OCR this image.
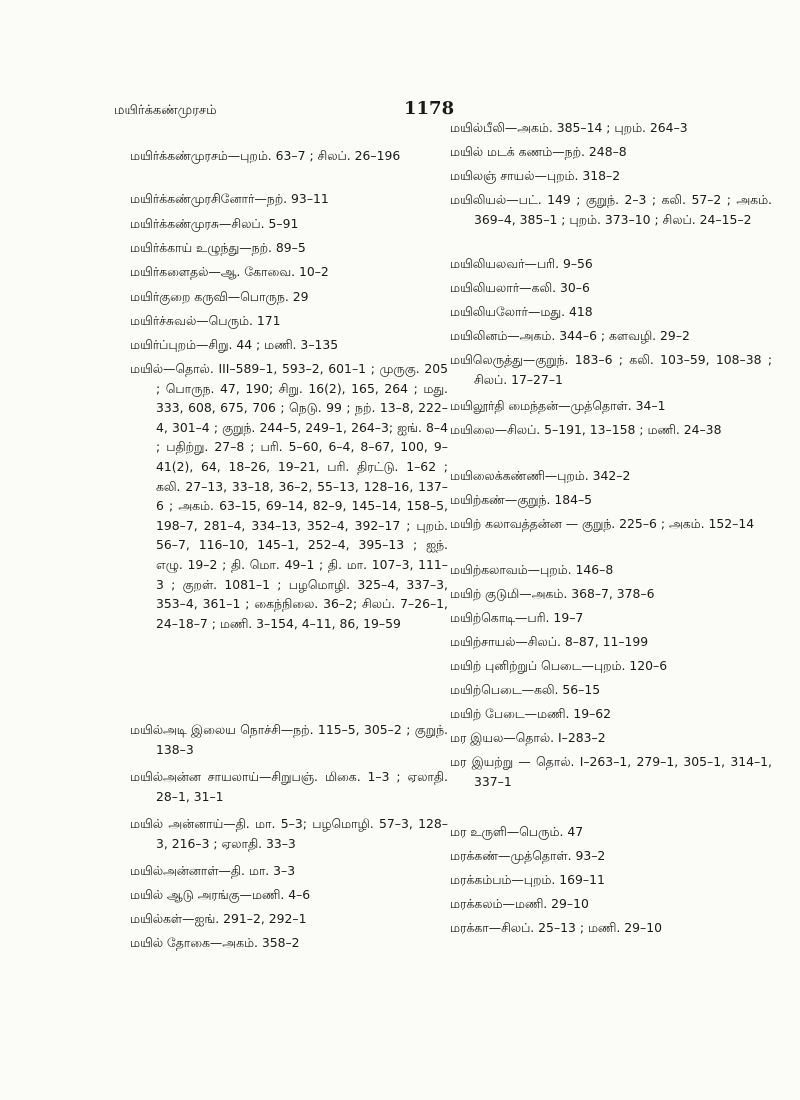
மயிர்க்கண்முரசம்	1178
மயிர்க்கண்முரசம்—புறம். 63–7 ; சிலப். 26–196
மயிர்க்கண்முரசினோர்—நற். 93–11
மயிர்க்கண்முரசு—சிலப். 5–91
மயிர்க்காய் உழுந்து—நற். 89–5
மயிர்களைதல்—ஆ. கோவை. 10–2
மயிர்குறை கருவி—பொருந. 29
மயிர்ச்சுவல்—பெரும். 171
மயிர்ப்புறம்—சிறு. 44 ; மணி. 3–135
மயில்—தொல். III–589–1, 593–2, 601–1 ; முருகு. 205 ; பொருந. 47, 190; சிறு. 16(2), 165, 264 ; மது. 333, 608, 675, 706 ; நெடு. 99 ; நற். 13–8, 222–4, 301–4 ; குறுந். 244–5, 249–1, 264–3; ஐங். 8–4 ; பதிற்று. 27–8 ; பரி. 5–60, 6–4, 8–67, 100, 9–41(2), 64, 18–26, 19–21, பரி. திரட்டு. 1–62 ; கலி. 27–13, 33–18, 36–2, 55–13, 128–16, 137–6 ; அகம். 63–15, 69–14, 82–9, 145–14, 158–5, 198–7, 281–4, 334–13, 352–4, 392–17 ; புறம். 56–7, 116–10, 145–1, 252–4, 395–13 ; ஐந். எழு. 19–2 ; தி. மொ. 49–1 ; தி. மா. 107–3, 111–3 ; குறள். 1081–1 ; பழமொழி. 325–4, 337–3, 353–4, 361–1 ; கைந்நிலை. 36–2; சிலப். 7–26–1, 24–18–7 ; மணி. 3–154, 4–11, 86, 19–59
மயில்அடி இலைய நொச்சி—நற். 115–5, 305–2 ; குறுந். 138–3
மயில்அன்ன சாயலாய்—சிறுபஞ். மிகை. 1–3 ; ஏலாதி. 28–1, 31–1
மயில் அன்னாய்—தி. மா. 5–3; பழமொழி. 57–3, 128–3, 216–3 ; ஏலாதி. 33–3
மயில்அன்னாள்—தி. மா. 3–3
மயில் ஆடு அரங்கு—மணி. 4–6
மயில்கள்—ஐங். 291–2, 292–1
மயில் தோகை—அகம். 358–2
மயில்பீலி—அகம். 385–14 ; புறம். 264–3
மயில் மடக் கணம்—நற். 248–8
மயிலஞ் சாயல்—புறம். 318–2
மயிலியல்—பட். 149 ; குறுந். 2–3 ; கலி. 57–2 ; அகம். 369–4, 385–1 ; புறம். 373–10 ; சிலப். 24–15–2
மயிலியலவர்—பரி. 9–56
மயிலியலார்—கலி. 30–6
மயிலியலோர்—மது. 418
மயிலினம்—அகம். 344–6 ; களவழி. 29–2
மயிலெருத்து—குறுந். 183–6 ; கலி. 103–59, 108–38 ; சிலப். 17–27–1
மயிலூர்தி மைந்தன்—முத்தொள். 34–1
மயிலை—சிலப். 5–191, 13–158 ; மணி. 24–38
மயிலைக்கண்ணி—புறம். 342–2
மயிற்கண்—குறுந். 184–5
மயிற் கலாவத்தன்ன — குறுந். 225–6 ; அகம். 152–14
மயிற்கலாவம்—புறம். 146–8
மயிற் குடுமி—அகம். 368–7, 378–6
மயிற்கொடி—பரி. 19–7
மயிற்சாயல்—சிலப். 8–87, 11–199
மயிற் புனிற்றுப் பெடை—புறம். 120–6
மயிற்பெடை—கலி. 56–15
மயிற் பேடை—மணி. 19–62
மர இயல—தொல். I–283–2
மர இயற்று — தொல். I–263–1, 279–1, 305–1, 314–1, 337–1
மர உருளி—பெரும். 47
மரக்கண்—முத்தொள். 93–2
மரக்கம்பம்—புறம். 169–11
மரக்கலம்—மணி. 29–10
மரக்கா—சிலப். 25–13 ; மணி. 29–10
